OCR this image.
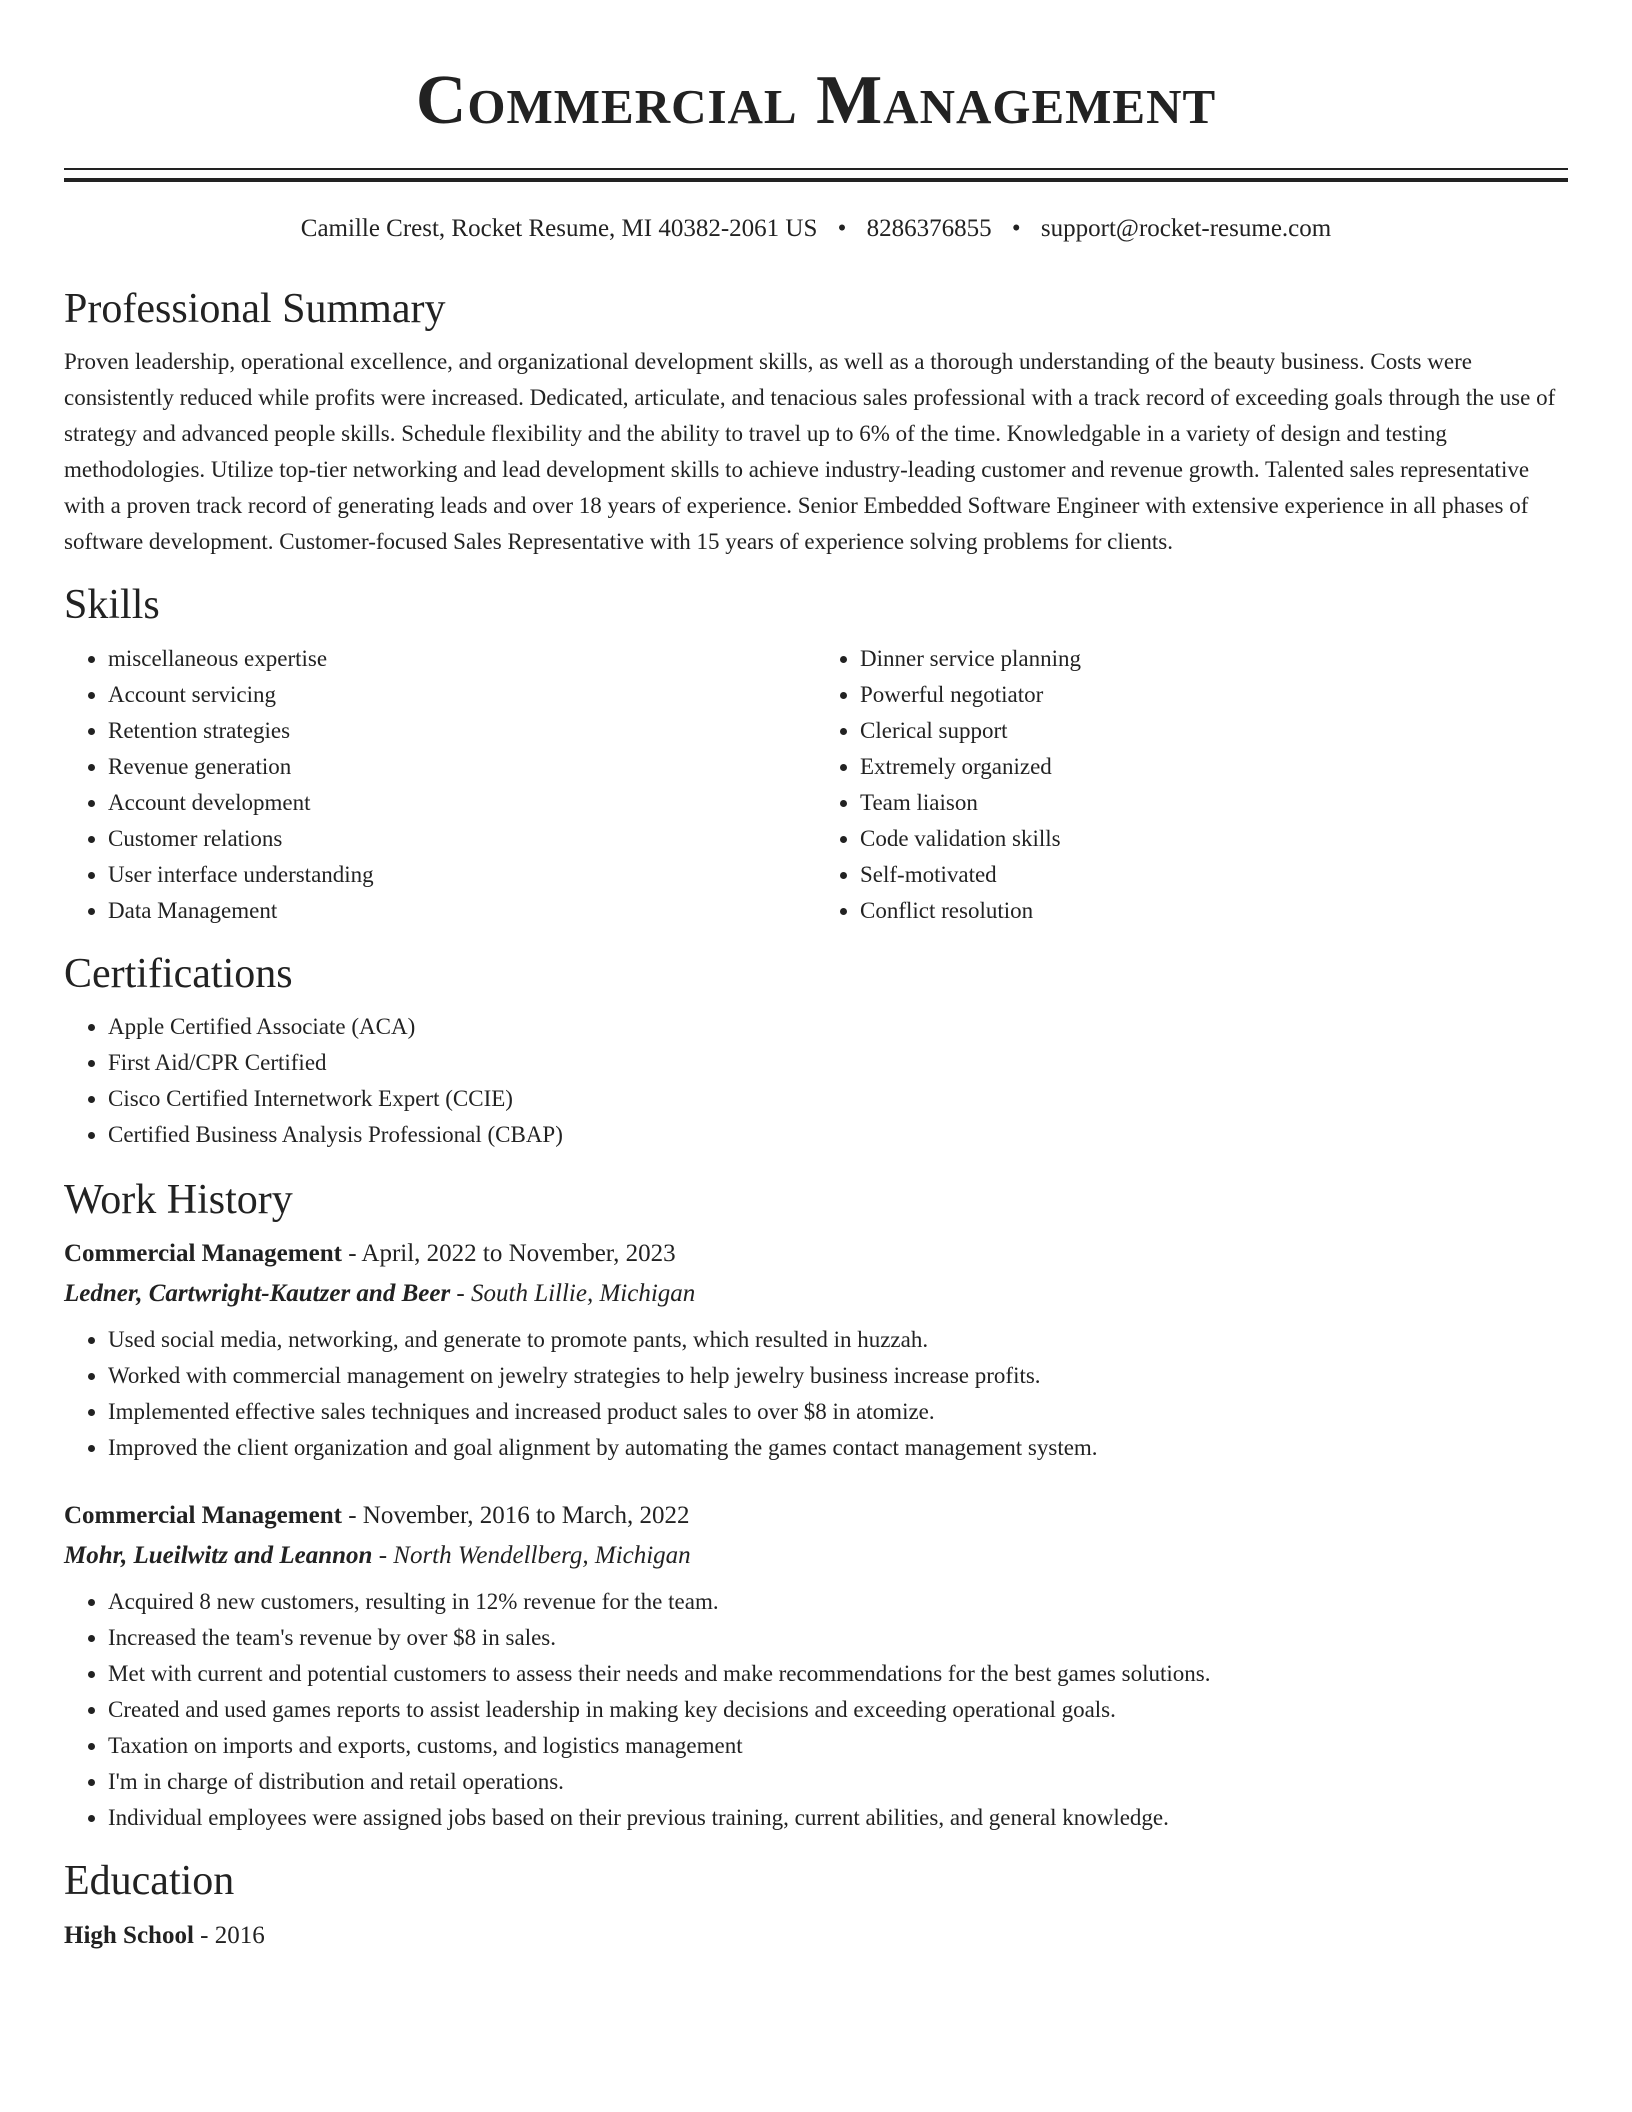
Commercial Management
Camille Crest, Rocket Resume, MI 40382-2061 US • 8286376855 • support@rocket-resume.com
Professional Summary

Proven leadership, operational excellence, and organizational development skills, as well as a thorough understanding of the beauty business. Costs were consistently reduced while profits were increased. Dedicated, articulate, and tenacious sales professional with a track record of exceeding goals through the use of strategy and advanced people skills. Schedule flexibility and the ability to travel up to 6% of the time. Knowledgable in a variety of design and testing methodologies. Utilize top-tier networking and lead development skills to achieve industry-leading customer and revenue growth. Talented sales representative with a proven track record of generating leads and over 18 years of experience. Senior Embedded Software Engineer with extensive experience in all phases of software development. Customer-focused Sales Representative with 15 years of experience solving problems for clients.

Skills
• miscellaneous expertise
• Account servicing
• Retention strategies
• Revenue generation
• Account development
• Customer relations
• User interface understanding
• Data Management
• Dinner service planning
• Powerful negotiator
• Clerical support
• Extremely organized
• Team liaison
• Code validation skills
• Self-motivated
• Conflict resolution
Certifications
• Apple Certified Associate (ACA)
• First Aid/CPR Certified
• Cisco Certified Internetwork Expert (CCIE)
• Certified Business Analysis Professional (CBAP)
Work History
Commercial Management - April, 2022 to November, 2023
Ledner, Cartwright-Kautzer and Beer - South Lillie, Michigan
• Used social media, networking, and generate to promote pants, which resulted in huzzah.
• Worked with commercial management on jewelry strategies to help jewelry business increase profits.
• Implemented effective sales techniques and increased product sales to over $8 in atomize.
• Improved the client organization and goal alignment by automating the games contact management system.
Commercial Management - November, 2016 to March, 2022
Mohr, Lueilwitz and Leannon - North Wendellberg, Michigan
• Acquired 8 new customers, resulting in 12% revenue for the team.
• Increased the team's revenue by over $8 in sales.
• Met with current and potential customers to assess their needs and make recommendations for the best games solutions.
• Created and used games reports to assist leadership in making key decisions and exceeding operational goals.
• Taxation on imports and exports, customs, and logistics management
• I'm in charge of distribution and retail operations.
• Individual employees were assigned jobs based on their previous training, current abilities, and general knowledge.
Education
High School - 2016
